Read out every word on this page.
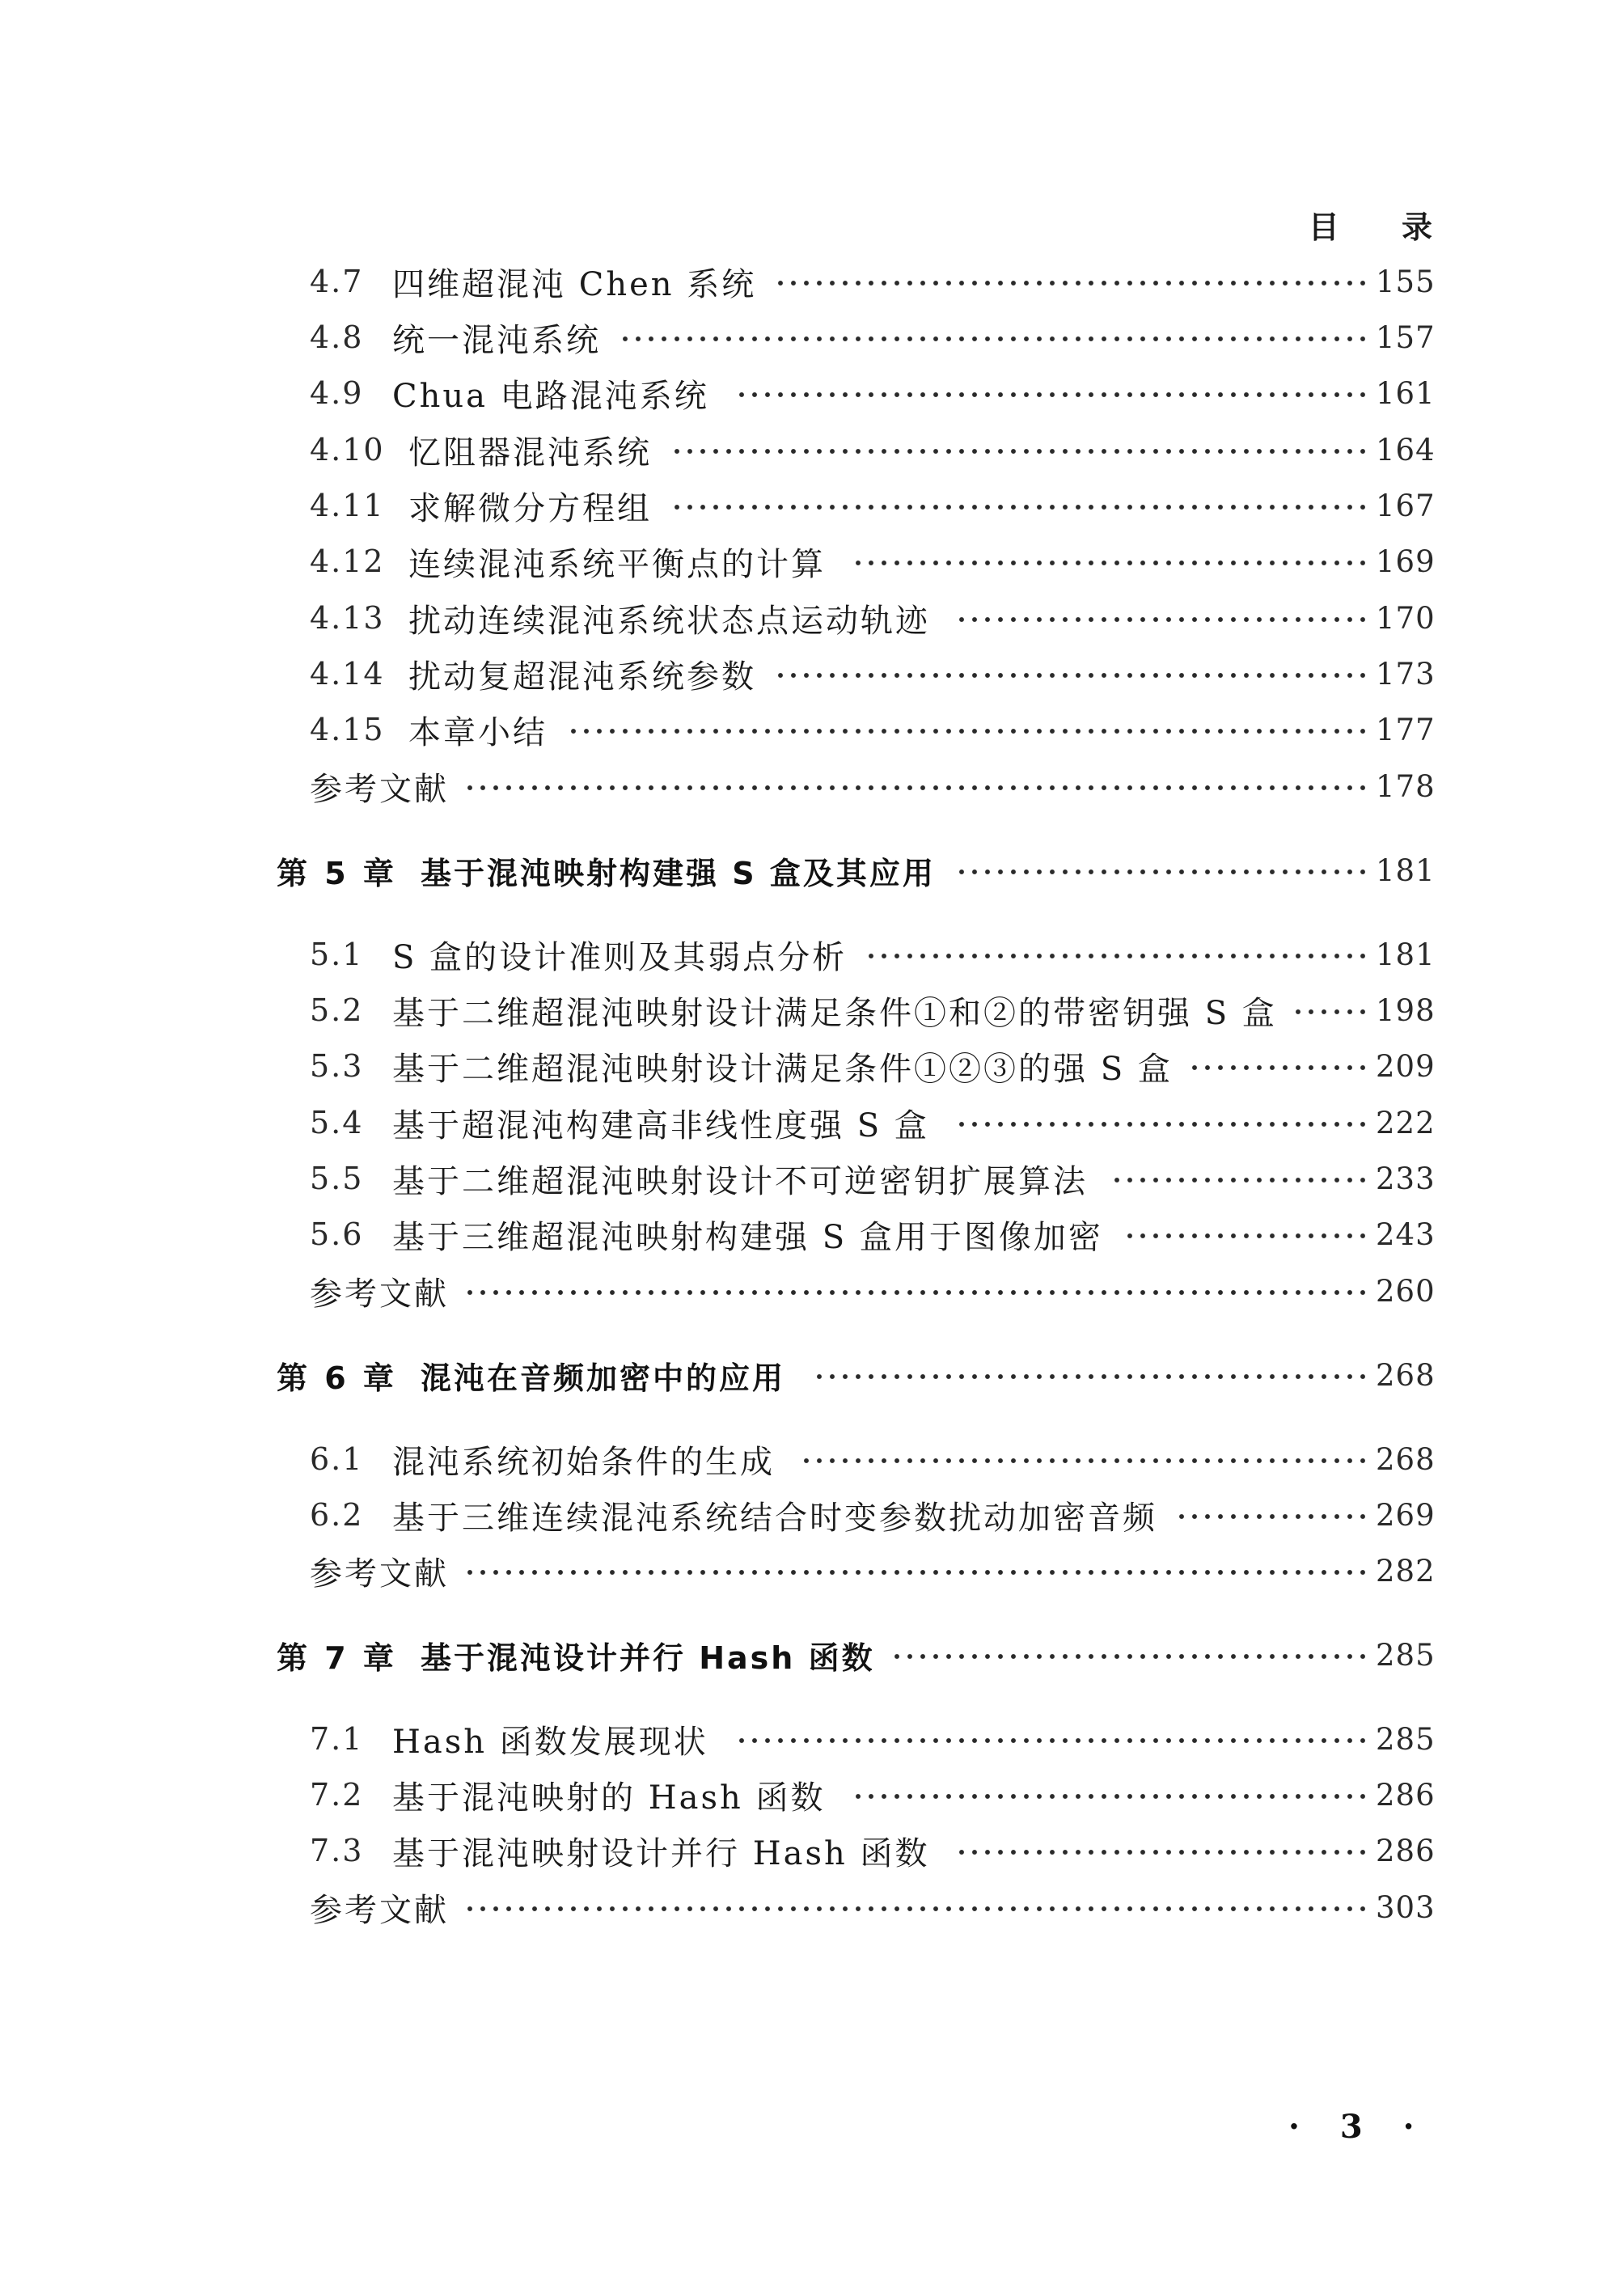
目 录
4.7 四维超混沌 Chen 系统	155
4.8 统一混沌系统	157
4.9 Chua 电路混沌系统	161
4.10 忆阻器混沌系统	164
4.11 求解微分方程组	167
4.12 连续混沌系统平衡点的计算	169
4.13 扰动连续混沌系统状态点运动轨迹	170
4.14 扰动复超混沌系统参数	173
4.15 本章小结	177
参考文献	178
第 5 章 基于混沌映射构建强 S 盒及其应用	181
5.1 S 盒的设计准则及其弱点分析	181
5.2 基于二维超混沌映射设计满足条件①和②的带密钥强 S 盒	198
5.3 基于二维超混沌映射设计满足条件①②③的强 S 盒	209
5.4 基于超混沌构建高非线性度强 S 盒	222
5.5 基于二维超混沌映射设计不可逆密钥扩展算法	233
5.6 基于三维超混沌映射构建强 S 盒用于图像加密	243
参考文献	260
第 6 章 混沌在音频加密中的应用	268
6.1 混沌系统初始条件的生成	268
6.2 基于三维连续混沌系统结合时变参数扰动加密音频	269
参考文献	282
第 7 章 基于混沌设计并行 Hash 函数	285
7.1 Hash 函数发展现状	285
7.2 基于混沌映射的 Hash 函数	286
7.3 基于混沌映射设计并行 Hash 函数	286
参考文献	303
· 3 ·
